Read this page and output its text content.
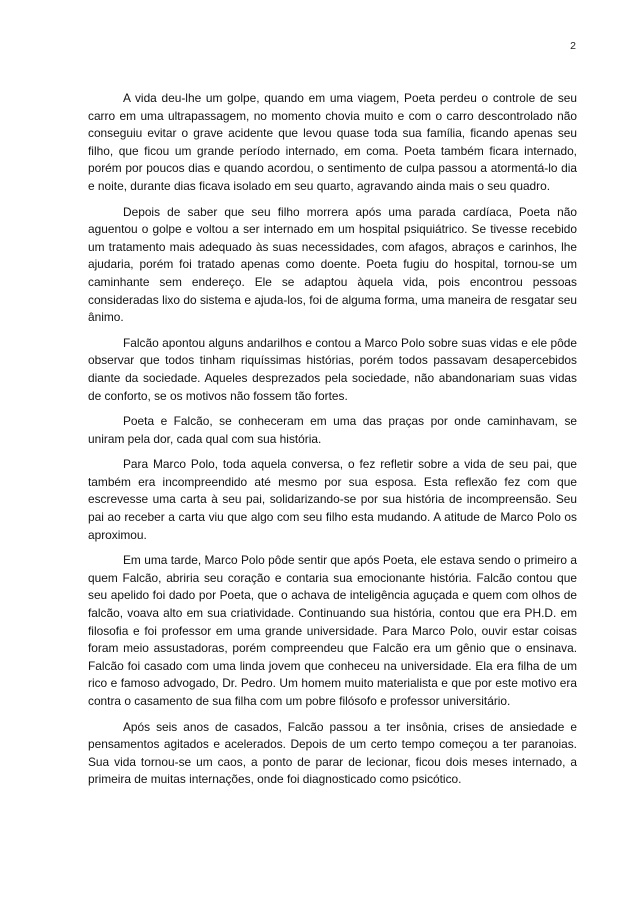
2

A vida deu-lhe um golpe, quando em uma viagem, Poeta perdeu o controle de seu carro em uma ultrapassagem, no momento chovia muito e com o carro descontrolado não conseguiu evitar o grave acidente que levou quase toda sua família, ficando apenas seu filho, que ficou um grande período internado, em coma. Poeta também ficara internado, porém por poucos dias e quando acordou, o sentimento de culpa passou a atormentá-lo dia e noite, durante dias ficava isolado em seu quarto, agravando ainda mais o seu quadro.

Depois de saber que seu filho morrera após uma parada cardíaca, Poeta não aguentou o golpe e voltou a ser internado em um hospital psiquiátrico. Se tivesse recebido um tratamento mais adequado às suas necessidades, com afagos, abraços e carinhos, lhe ajudaria, porém foi tratado apenas como doente. Poeta fugiu do hospital, tornou-se um caminhante sem endereço. Ele se adaptou àquela vida, pois encontrou pessoas consideradas lixo do sistema e ajuda-los, foi de alguma forma, uma maneira de resgatar seu ânimo.

Falcão apontou alguns andarilhos e contou a Marco Polo sobre suas vidas e ele pôde observar que todos tinham riquíssimas histórias, porém todos passavam desapercebidos diante da sociedade. Aqueles desprezados pela sociedade, não abandonariam suas vidas de conforto, se os motivos não fossem tão fortes.

Poeta e Falcão, se conheceram em uma das praças por onde caminhavam, se uniram pela dor, cada qual com sua história.

Para Marco Polo, toda aquela conversa, o fez refletir sobre a vida de seu pai, que também era incompreendido até mesmo por sua esposa. Esta reflexão fez com que escrevesse uma carta à seu pai, solidarizando-se por sua história de incompreensão. Seu pai ao receber a carta viu que algo com seu filho esta mudando. A atitude de Marco Polo os aproximou.

Em uma tarde, Marco Polo pôde sentir que após Poeta, ele estava sendo o primeiro a quem Falcão, abriria seu coração e contaria sua emocionante história. Falcão contou que seu apelido foi dado por Poeta, que o achava de inteligência aguçada e quem com olhos de falcão, voava alto em sua criatividade. Continuando sua história, contou que era PH.D. em filosofia e foi professor em uma grande universidade. Para Marco Polo, ouvir estar coisas foram meio assustadoras, porém compreendeu que Falcão era um gênio que o ensinava. Falcão foi casado com uma linda jovem que conheceu na universidade. Ela era filha de um rico e famoso advogado, Dr. Pedro. Um homem muito materialista e que por este motivo era contra o casamento de sua filha com um pobre filósofo e professor universitário.

Após seis anos de casados, Falcão passou a ter insônia, crises de ansiedade e pensamentos agitados e acelerados. Depois de um certo tempo começou a ter paranoias. Sua vida tornou-se um caos, a ponto de parar de lecionar, ficou dois meses internado, a primeira de muitas internações, onde foi diagnosticado como psicótico.
